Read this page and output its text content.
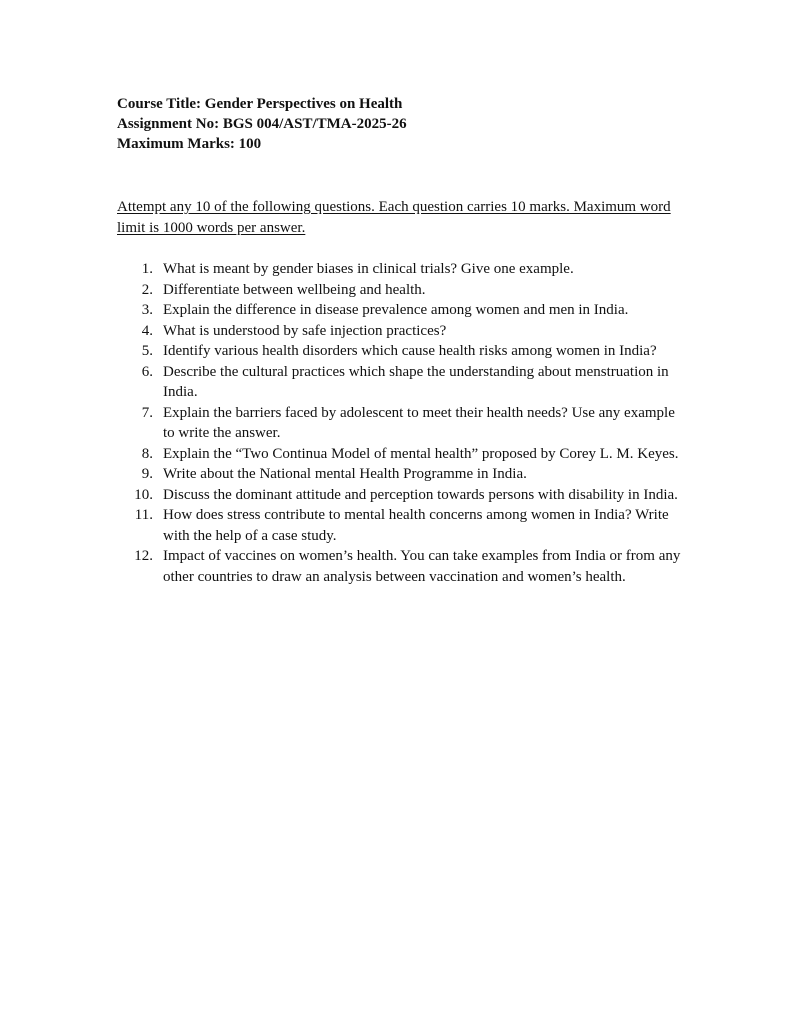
Course Title: Gender Perspectives on Health
Assignment No: BGS 004/AST/TMA-2025-26
Maximum Marks: 100
Attempt any 10 of the following questions. Each question carries 10 marks. Maximum word limit is 1000 words per answer.
1. What is meant by gender biases in clinical trials? Give one example.
2. Differentiate between wellbeing and health.
3. Explain the difference in disease prevalence among women and men in India.
4. What is understood by safe injection practices?
5. Identify various health disorders which cause health risks among women in India?
6. Describe the cultural practices which shape the understanding about menstruation in India.
7. Explain the barriers faced by adolescent to meet their health needs? Use any example to write the answer.
8. Explain the “Two Continua Model of mental health” proposed by Corey L. M. Keyes.
9. Write about the National mental Health Programme in India.
10. Discuss the dominant attitude and perception towards persons with disability in India.
11. How does stress contribute to mental health concerns among women in India? Write with the help of a case study.
12. Impact of vaccines on women’s health. You can take examples from India or from any other countries to draw an analysis between vaccination and women’s health.
